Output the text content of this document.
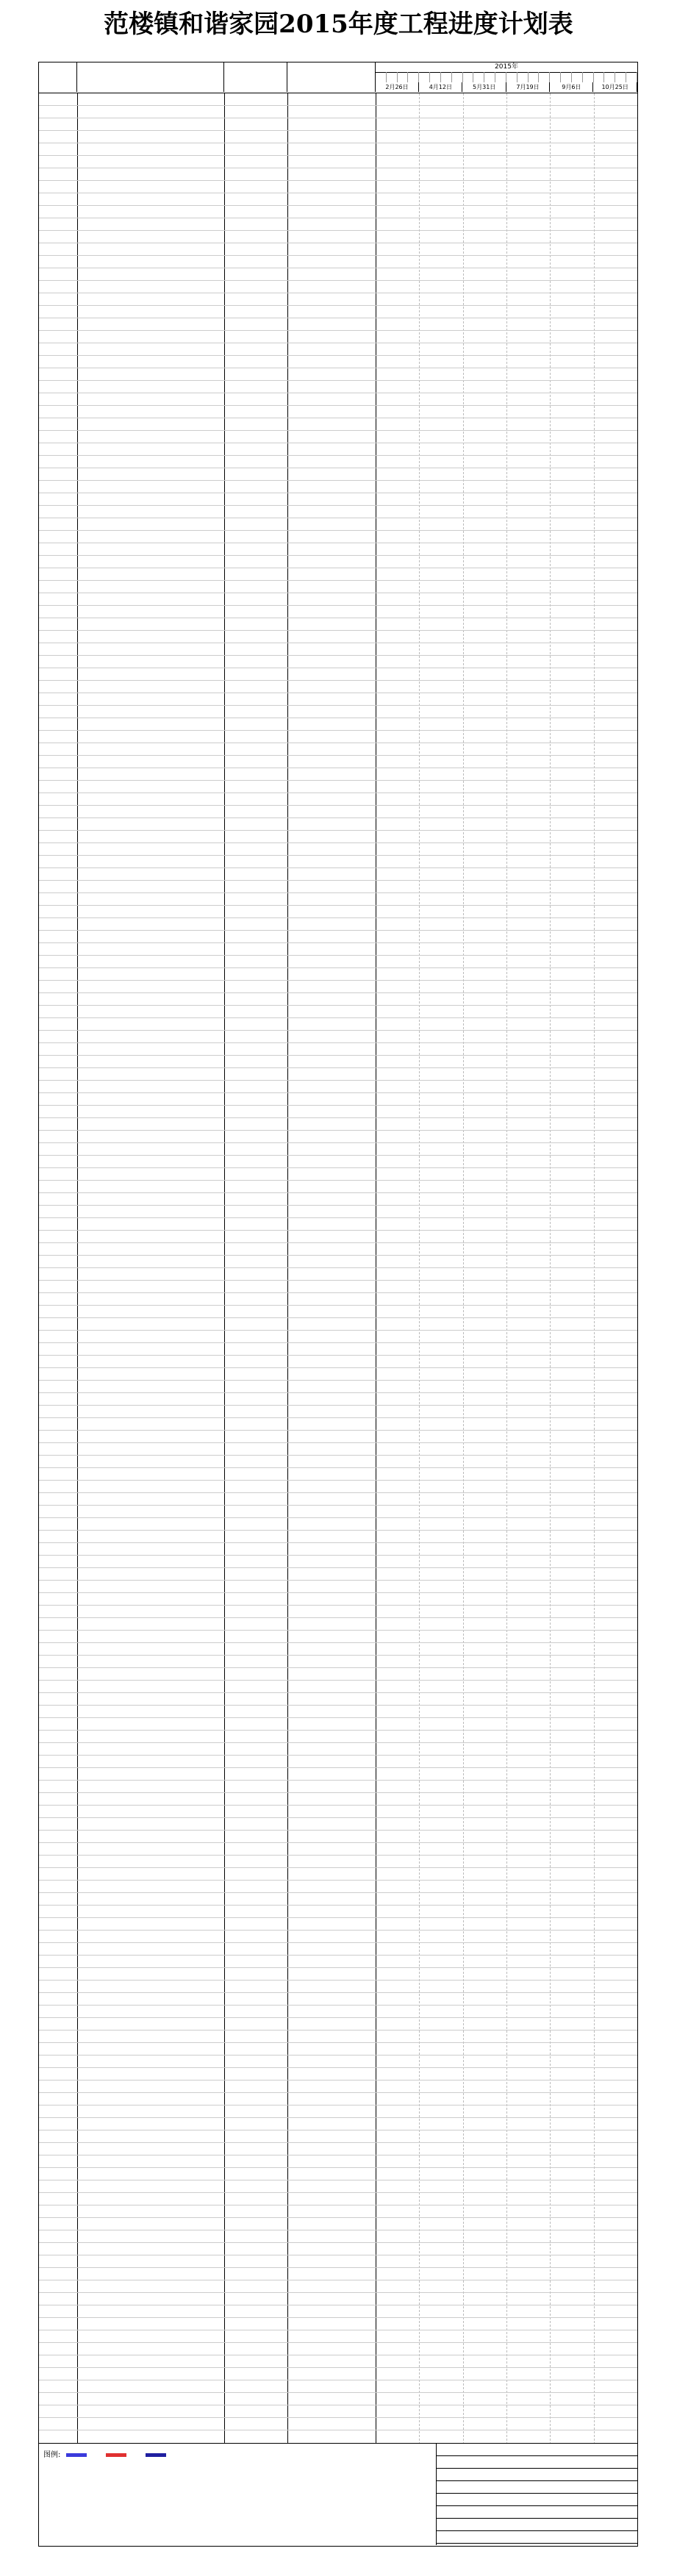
范楼镇和谐家园2015年度工程进度计划表
2015年
2月26日	4月12日	5月31日	7月19日	9月6日	10月25日
图例:
